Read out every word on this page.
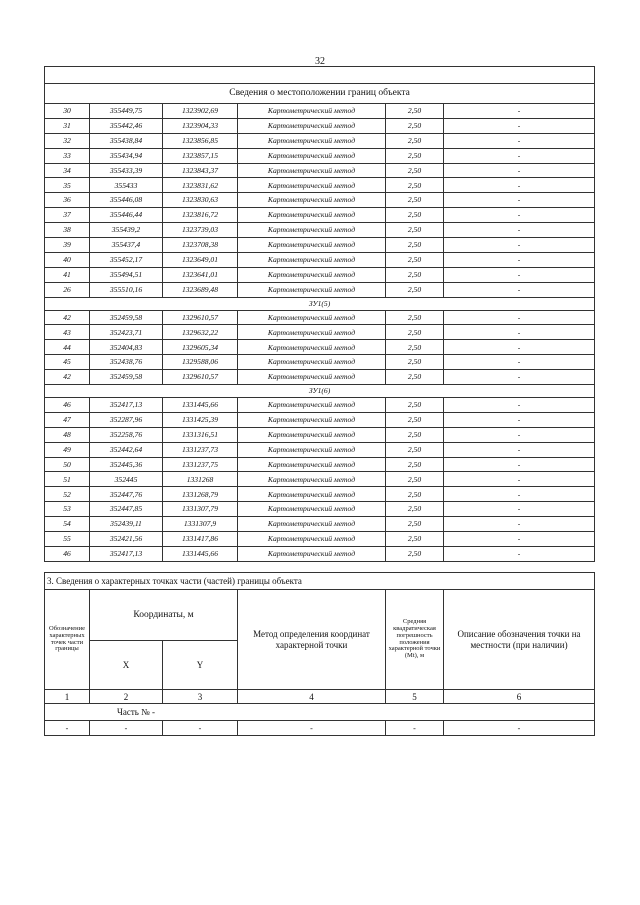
32

Сведения о местоположении границ объекта					
30	355449,75	1323902,69	Картометрический метод	2,50	-
31	355442,46	1323904,33	Картометрический метод	2,50	-
32	355438,84	1323856,85	Картометрический метод	2,50	-
33	355434,94	1323857,15	Картометрический метод	2,50	-
34	355433,39	1323843,37	Картометрический метод	2,50	-
35	355433	1323831,62	Картометрический метод	2,50	-
36	355446,08	1323830,63	Картометрический метод	2,50	-
37	355446,44	1323816,72	Картометрический метод	2,50	-
38	355439,2	1323739,03	Картометрический метод	2,50	-
39	355437,4	1323708,38	Картометрический метод	2,50	-
40	355452,17	1323649,01	Картометрический метод	2,50	-
41	355494,51	1323641,01	Картометрический метод	2,50	-
26	355510,16	1323689,48	Картометрический метод	2,50	-
ЗУ1(5)					
42	352459,58	1329610,57	Картометрический метод	2,50	-
43	352423,71	1329632,22	Картометрический метод	2,50	-
44	352404,83	1329605,34	Картометрический метод	2,50	-
45	352438,76	1329588,06	Картометрический метод	2,50	-
42	352459,58	1329610,57	Картометрический метод	2,50	-
ЗУ1(6)					
46	352417,13	1331445,66	Картометрический метод	2,50	-
47	352287,96	1331425,39	Картометрический метод	2,50	-
48	352258,76	1331316,51	Картометрический метод	2,50	-
49	352442,64	1331237,73	Картометрический метод	2,50	-
50	352445,36	1331237,75	Картометрический метод	2,50	-
51	352445	1331268	Картометрический метод	2,50	-
52	352447,76	1331268,79	Картометрический метод	2,50	-
53	352447,85	1331307,79	Картометрический метод	2,50	-
54	352439,11	1331307,9	Картометрический метод	2,50	-
55	352421,56	1331417,86	Картометрический метод	2,50	-
46	352417,13	1331445,66	Картометрический метод	2,50	-
3. Сведения о характерных точках части (частей) границы объекта					
Обозначение характерных точек части границы	Координаты, м		Метод определения координат характерной точки	Средняя квадратическая погрешность положения характерной точки (Mt), м	Описание обозначения точки на местности (при наличии)
	X	Y			
1	2	3	4	5	6
Часть № -					
-	-	-	-	-	-
